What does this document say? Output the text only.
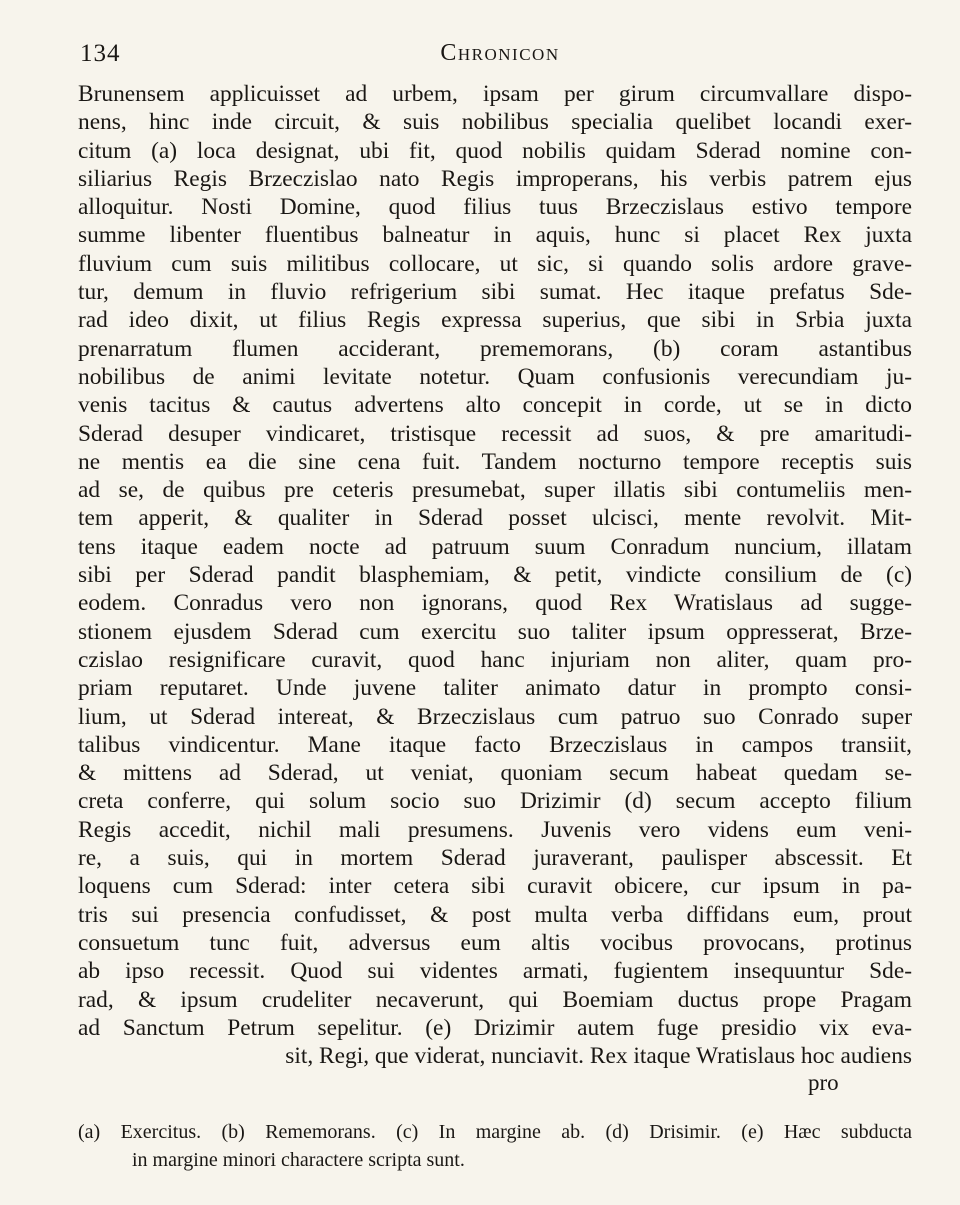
134	Chronicon
Brunensem applicuisset ad urbem, ipsam per girum circumvallare dispo-
nens, hinc inde circuit, & suis nobilibus specialia quelibet locandi exer-
citum (a) loca designat, ubi fit, quod nobilis quidam Sderad nomine con-
siliarius Regis Brzeczislao nato Regis improperans, his verbis patrem ejus
alloquitur. Nosti Domine, quod filius tuus Brzeczislaus estivo tempore
summe libenter fluentibus balneatur in aquis, hunc si placet Rex juxta
fluvium cum suis militibus collocare, ut sic, si quando solis ardore grave-
tur, demum in fluvio refrigerium sibi sumat. Hec itaque prefatus Sde-
rad ideo dixit, ut filius Regis expressa superius, que sibi in Srbia juxta
prenarratum flumen acciderant, prememorans, (b) coram astantibus
nobilibus de animi levitate notetur. Quam confusionis verecundiam ju-
venis tacitus & cautus advertens alto concepit in corde, ut se in dicto
Sderad desuper vindicaret, tristisque recessit ad suos, & pre amaritudi-
ne mentis ea die sine cena fuit. Tandem nocturno tempore receptis suis
ad se, de quibus pre ceteris presumebat, super illatis sibi contumeliis men-
tem apperit, & qualiter in Sderad posset ulcisci, mente revolvit. Mit-
tens itaque eadem nocte ad patruum suum Conradum nuncium, illatam
sibi per Sderad pandit blasphemiam, & petit, vindicte consilium de (c)
eodem. Conradus vero non ignorans, quod Rex Wratislaus ad sugge-
stionem ejusdem Sderad cum exercitu suo taliter ipsum oppresserat, Brze-
czislao resignificare curavit, quod hanc injuriam non aliter, quam pro-
priam reputaret. Unde juvene taliter animato datur in prompto consi-
lium, ut Sderad intereat, & Brzeczislaus cum patruo suo Conrado super
talibus vindicentur. Mane itaque facto Brzeczislaus in campos transiit,
& mittens ad Sderad, ut veniat, quoniam secum habeat quedam se-
creta conferre, qui solum socio suo Drizimir (d) secum accepto filium
Regis accedit, nichil mali presumens. Juvenis vero videns eum veni-
re, a suis, qui in mortem Sderad juraverant, paulisper abscessit. Et
loquens cum Sderad: inter cetera sibi curavit obicere, cur ipsum in pa-
tris sui presencia confudisset, & post multa verba diffidans eum, prout
consuetum tunc fuit, adversus eum altis vocibus provocans, protinus
ab ipso recessit. Quod sui videntes armati, fugientem insequuntur Sde-
rad, & ipsum crudeliter necaverunt, qui Boemiam ductus prope Pragam
ad Sanctum Petrum sepelitur. (e) Drizimir autem fuge presidio vix eva-
sit, Regi, que viderat, nunciavit. Rex itaque Wratislaus hoc audiens
pro
(a) Exercitus. (b) Rememorans. (c) In margine ab. (d) Drisimir. (e) Hæc subducta
in margine minori charactere scripta sunt.
